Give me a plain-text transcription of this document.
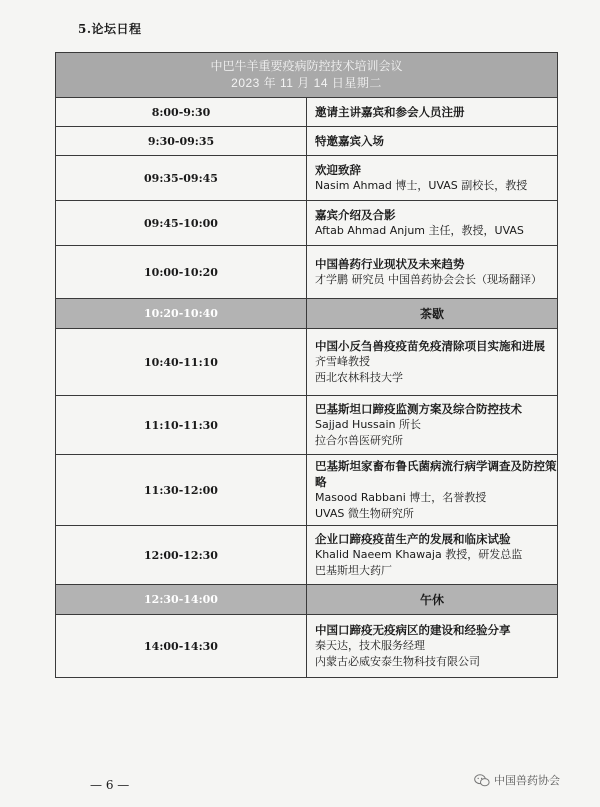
5.论坛日程
中巴牛羊重要疫病防控技术培训会议
2023 年 11 月 14 日星期二	

8:00-9:30	邀请主讲嘉宾和参会人员注册

9:30-09:35	特邀嘉宾入场

09:35-09:45	欢迎致辞
Nasim Ahmad 博士，UVAS 副校长，教授

09:45-10:00	嘉宾介绍及合影
Aftab Ahmad Anjum 主任，教授，UVAS

10:00-10:20	中国兽药行业现状及未来趋势
才学鹏 研究员 中国兽药协会会长（现场翻译）

10:20-10:40	茶歇
10:40-11:10	中国小反刍兽疫疫苗免疫清除项目实施和进展
齐雪峰教授
西北农林科技大学

11:10-11:30	巴基斯坦口蹄疫监测方案及综合防控技术
Sajjad Hussain 所长
拉合尔兽医研究所

11:30-12:00	巴基斯坦家畜布鲁氏菌病流行病学调查及防控策略
Masood Rabbani 博士，名誉教授
UVAS 微生物研究所

12:00-12:30	企业口蹄疫疫苗生产的发展和临床试验
Khalid Naeem Khawaja 教授，研发总监
巴基斯坦大药厂

12:30-14:00	午休
14:00-14:30	中国口蹄疫无疫病区的建设和经验分享
秦天达，技术服务经理
内蒙古必威安泰生物科技有限公司
— 6 —	中国兽药协会
